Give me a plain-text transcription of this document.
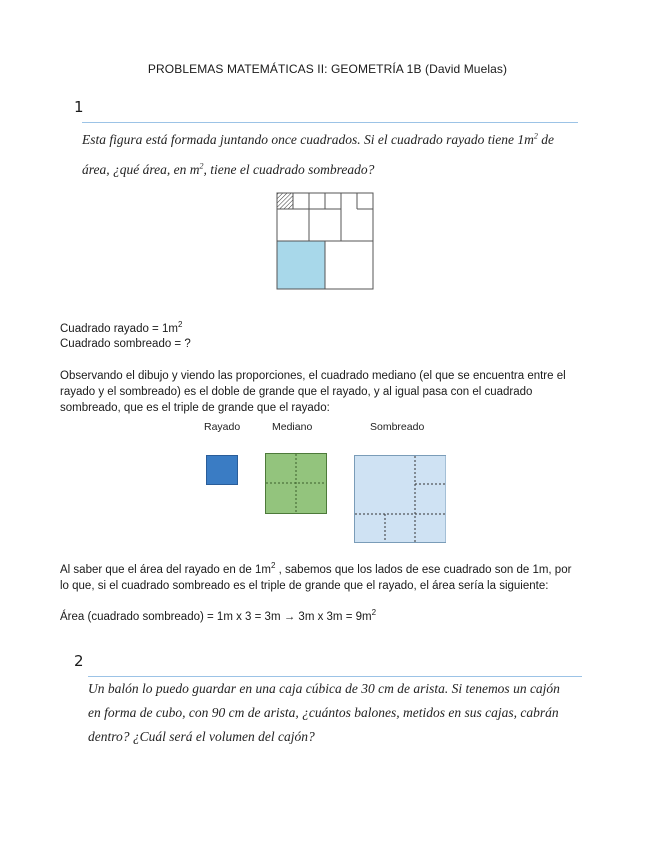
PROBLEMAS MATEMÁTICAS II: GEOMETRÍA 1B (David Muelas)
1
Esta figura está formada juntando once cuadrados. Si el cuadrado rayado tiene $1m^2$ de
área, ¿qué área, en $m^2$, tiene el cuadrado sombreado?
Cuadrado rayado = $1m^2$
Cuadrado sombreado = ?
Observando el dibujo y viendo las proporciones, el cuadrado mediano (el que se encuentra entre el
rayado y el sombreado) es el doble de grande que el rayado, y al igual pasa con el cuadrado
sombreado, que es el triple de grande que el rayado:
Rayado	Mediano	Sombreado
Al saber que el área del rayado en de $1m^2$ , sabemos que los lados de ese cuadrado son de 1m, por
lo que, si el cuadrado sombreado es el triple de grande que el rayado, el área sería la siguiente:
Área (cuadrado sombreado) = 1m x 3 = 3m → 3m x $3m = 9m^2$
2
Un balón lo puedo guardar en una caja cúbica de 30 cm de arista. Si tenemos un cajón
en forma de cubo, con 90 cm de arista, ¿cuántos balones, metidos en sus cajas, cabrán
dentro? ¿Cuál será el volumen del cajón?
